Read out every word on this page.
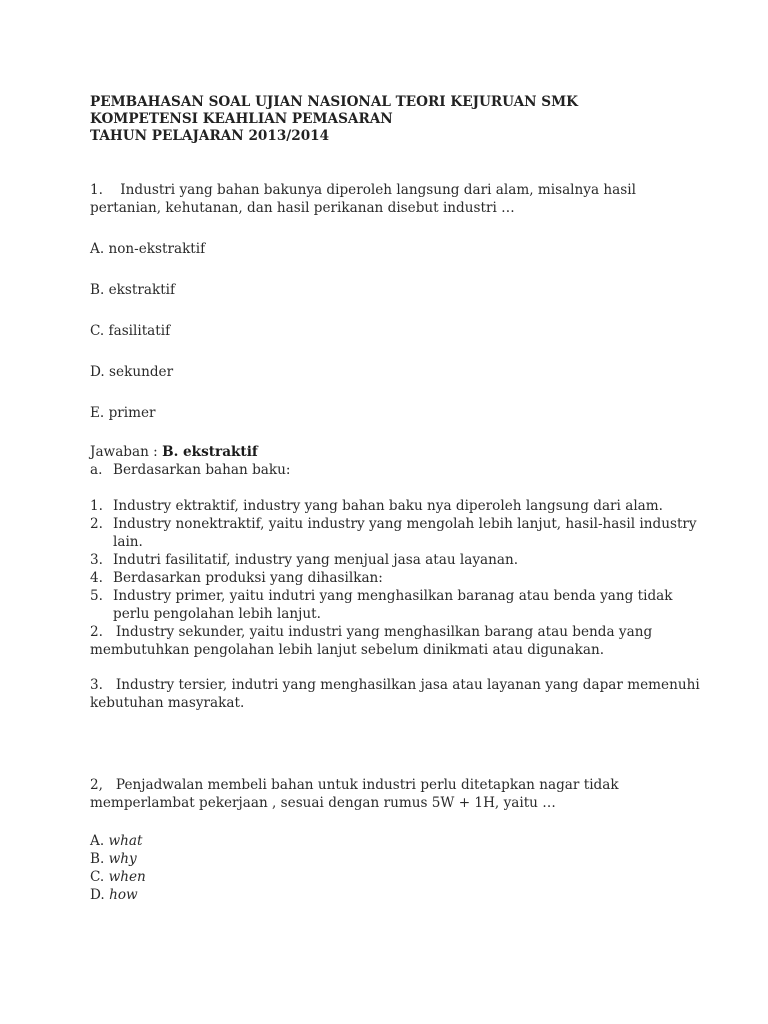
PEMBAHASAN SOAL UJIAN NASIONAL TEORI KEJURUAN SMK
KOMPETENSI KEAHLIAN PEMASARAN
TAHUN PELAJARAN 2013/2014
1. Industri yang bahan bakunya diperoleh langsung dari alam, misalnya hasil
pertanian, kehutanan, dan hasil perikanan disebut industri …
A. non-ekstraktif
B. ekstraktif
C. fasilitatif
D. sekunder
E. primer
Jawaban : B. ekstraktif
a. Berdasarkan bahan baku:
1. Industry ektraktif, industry yang bahan baku nya diperoleh langsung dari alam.
2. Industry nonektraktif, yaitu industry yang mengolah lebih lanjut, hasil-hasil industry lain.
3. Indutri fasilitatif, industry yang menjual jasa atau layanan.
4. Berdasarkan produksi yang dihasilkan:
5. Industry primer, yaitu indutri yang menghasilkan baranag atau benda yang tidak perlu pengolahan lebih lanjut.
2.   Industry sekunder, yaitu industri yang menghasilkan barang atau benda yang
membutuhkan pengolahan lebih lanjut sebelum dinikmati atau digunakan.
3.   Industry tersier, indutri yang menghasilkan jasa atau layanan yang dapar memenuhi
kebutuhan masyrakat.
2,   Penjadwalan membeli bahan untuk industri perlu ditetapkan nagar tidak
memperlambat pekerjaan , sesuai dengan rumus 5W + 1H, yaitu …
A. what
B. why
C. when
D. how
